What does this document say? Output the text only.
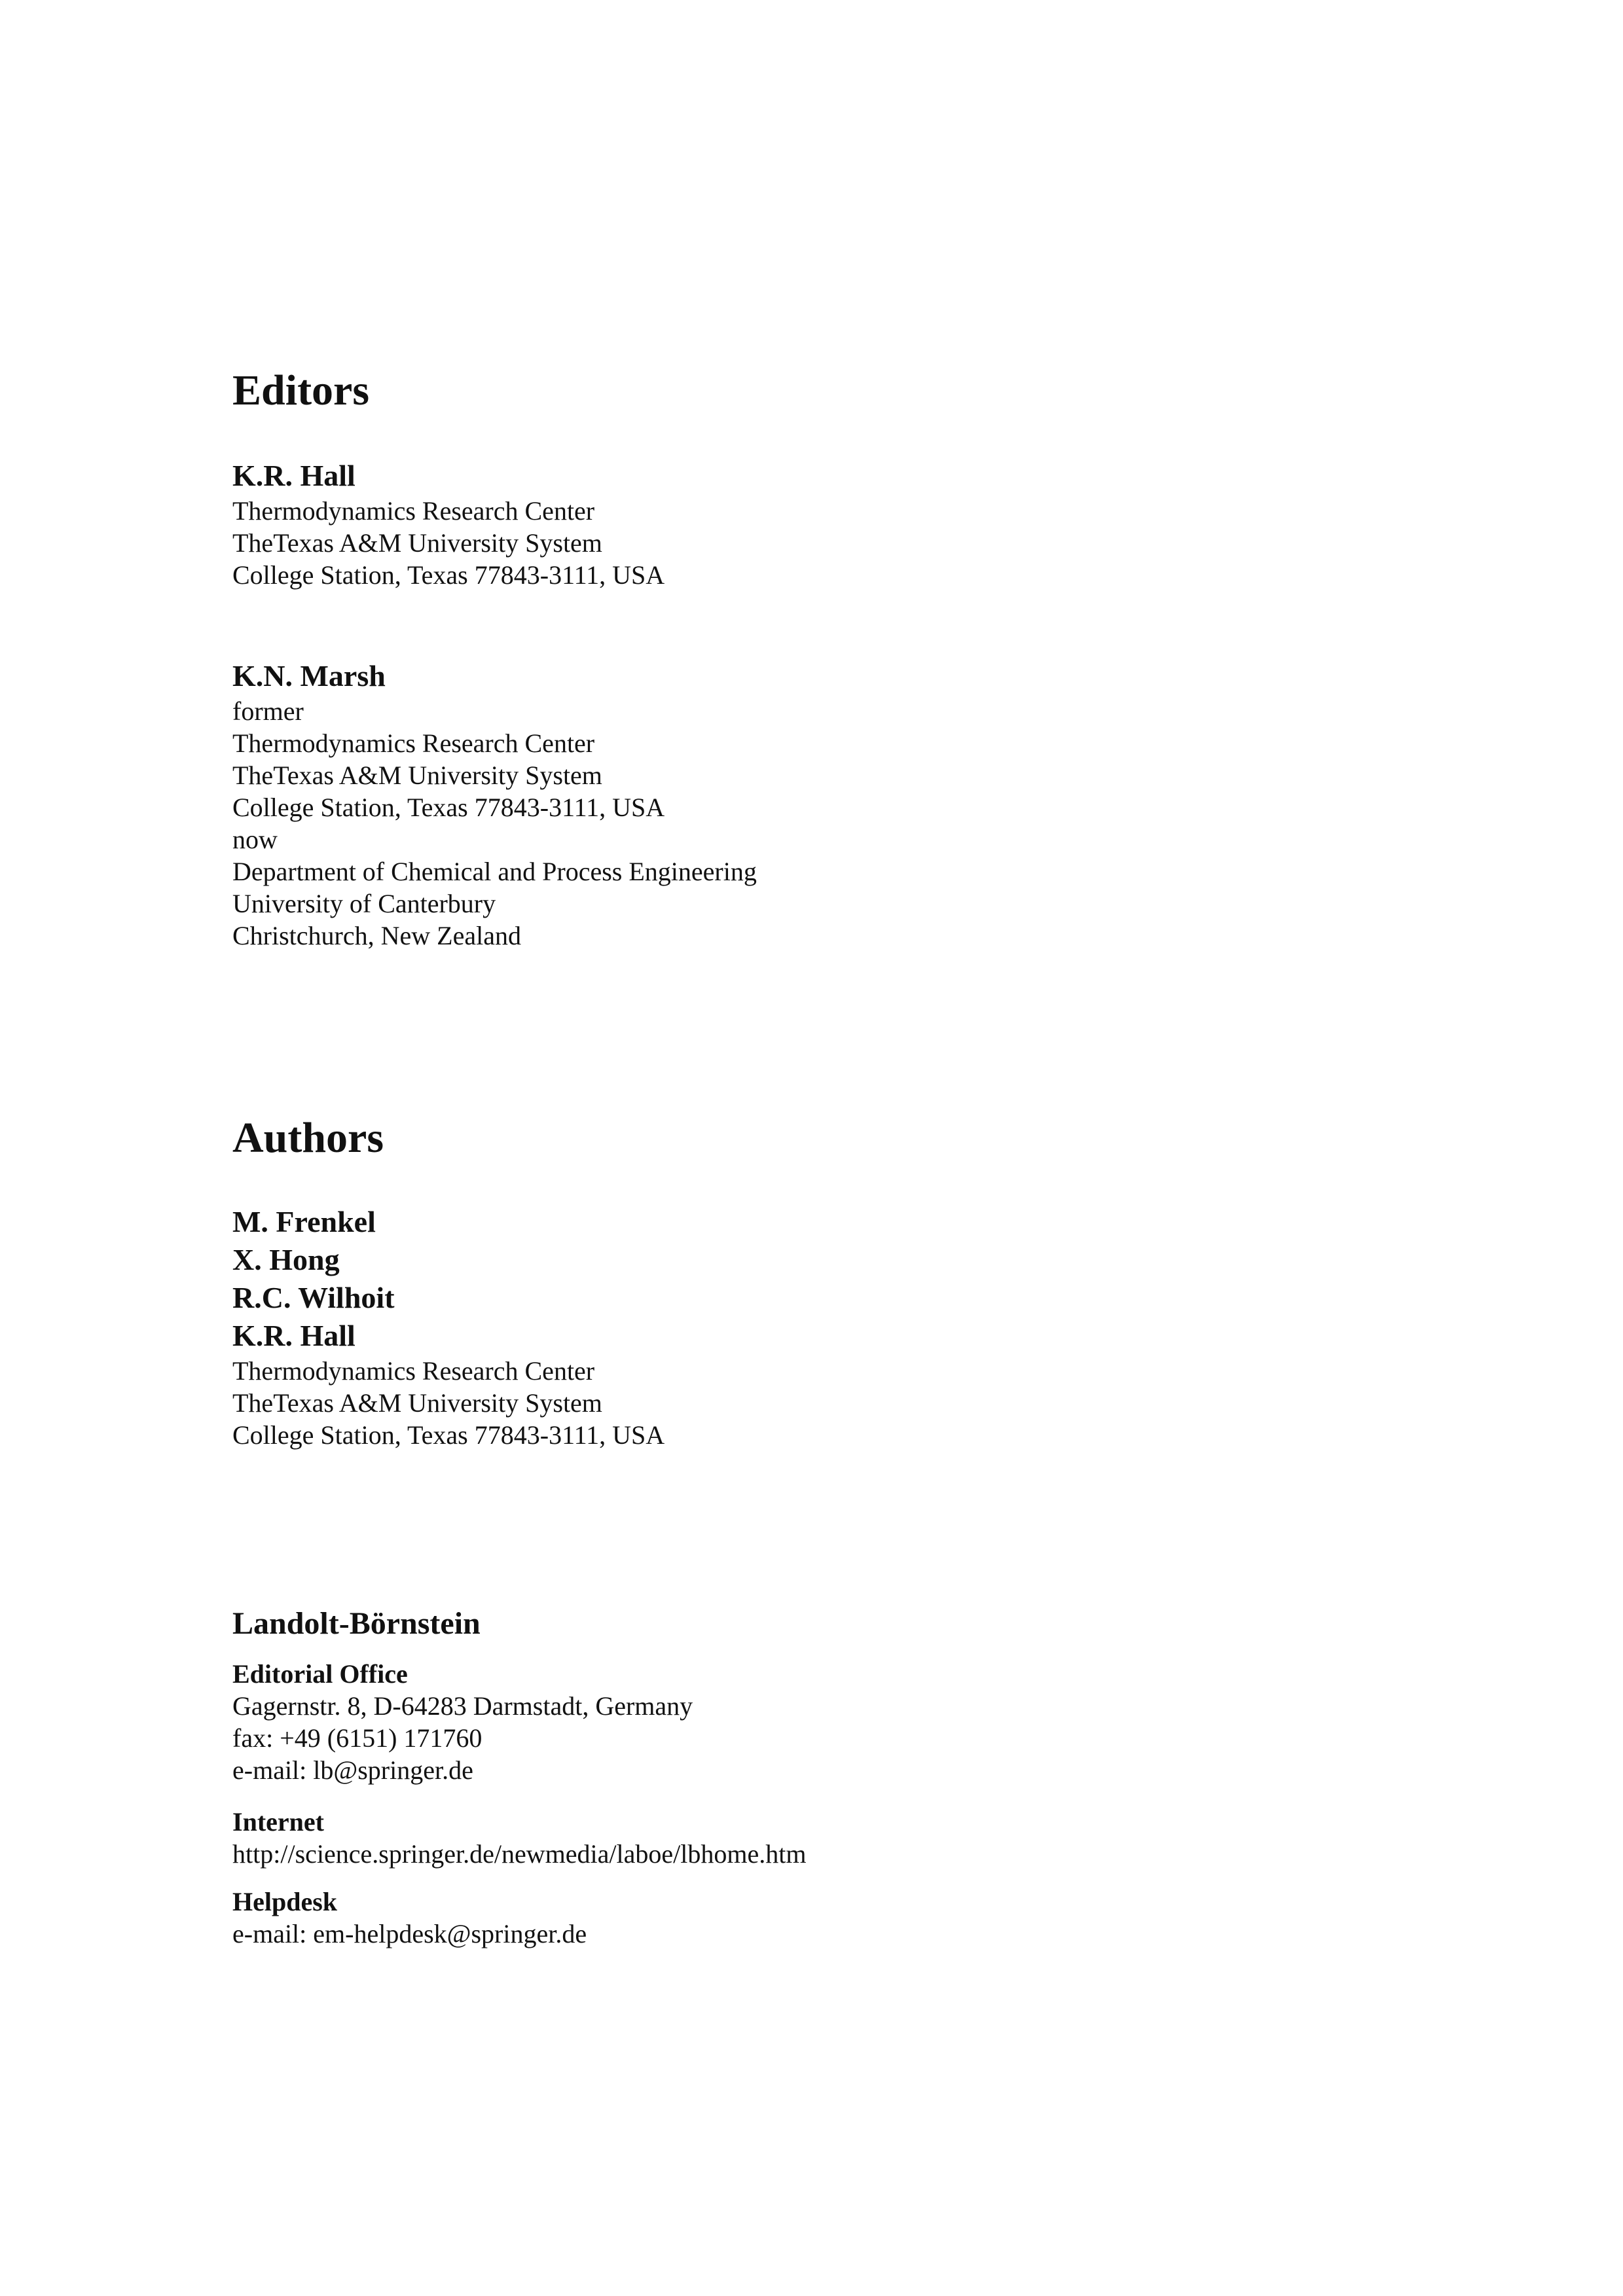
Editors

K.R. Hall

Thermodynamics Research Center

TheTexas A&M University System

College Station, Texas 77843-3111, USA

K.N. Marsh

former

Thermodynamics Research Center

TheTexas A&M University System

College Station, Texas 77843-3111, USA

now

Department of Chemical and Process Engineering

University of Canterbury

Christchurch, New Zealand

Authors

M. Frenkel

X. Hong

R.C. Wilhoit

K.R. Hall

Thermodynamics Research Center

TheTexas A&M University System

College Station, Texas 77843-3111, USA

Landolt-Börnstein

Editorial Office

Gagernstr. 8, D-64283 Darmstadt, Germany

fax: +49 (6151) 171760

e-mail: lb@springer.de

Internet

http://science.springer.de/newmedia/laboe/lbhome.htm

Helpdesk

e-mail: em-helpdesk@springer.de
